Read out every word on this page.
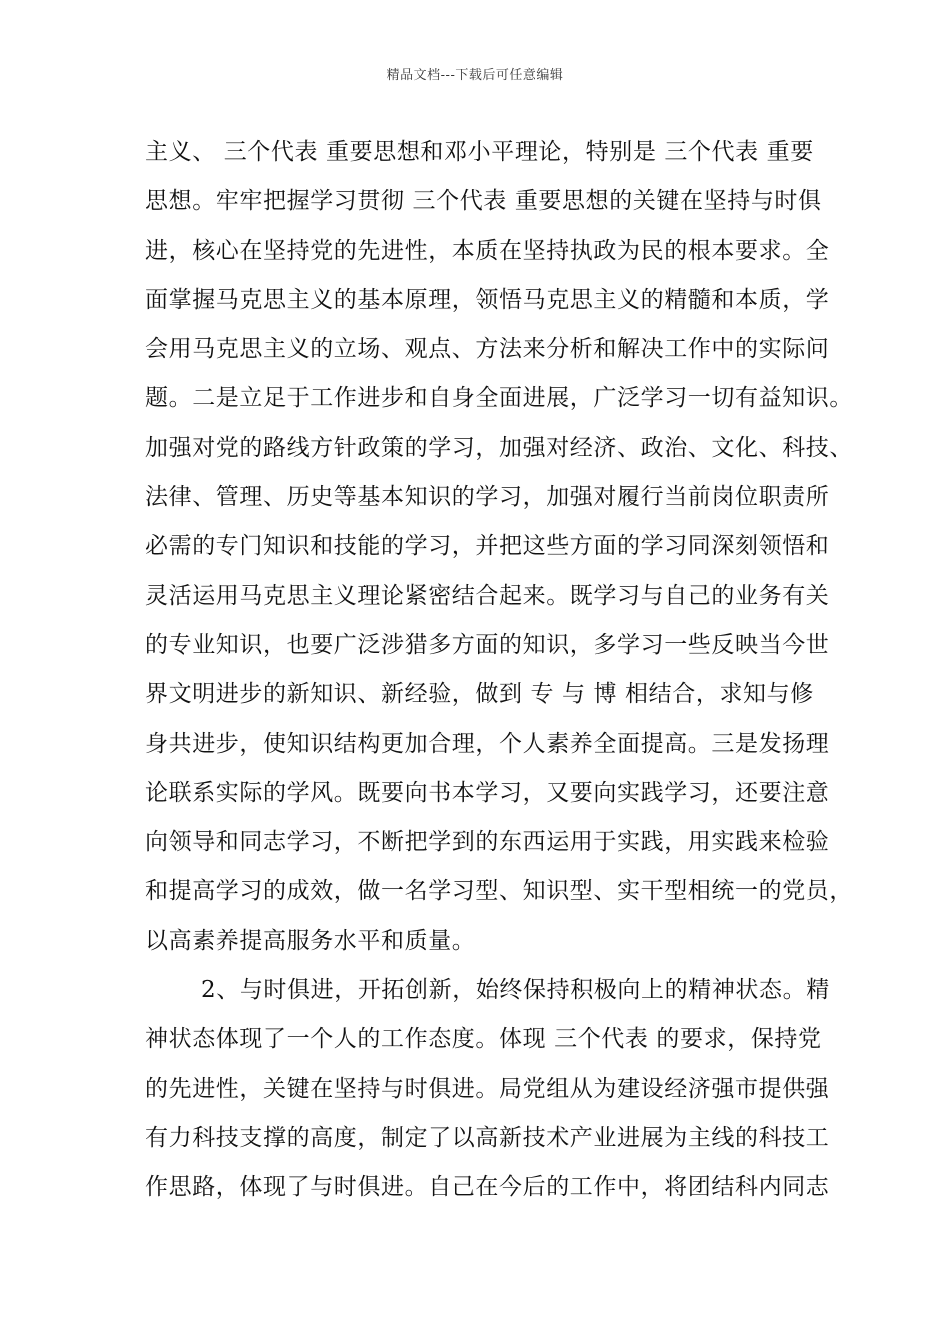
精品文档---下载后可任意编辑
主义、 三个代表 重要思想和邓小平理论，特别是 三个代表 重要
思想。牢牢把握学习贯彻 三个代表 重要思想的关键在坚持与时俱
进，核心在坚持党的先进性，本质在坚持执政为民的根本要求。全
面掌握马克思主义的基本原理，领悟马克思主义的精髓和本质，学
会用马克思主义的立场、观点、方法来分析和解决工作中的实际问
题。二是立足于工作进步和自身全面进展，广泛学习一切有益知识。
加强对党的路线方针政策的学习，加强对经济、政治、文化、科技、
法律、管理、历史等基本知识的学习，加强对履行当前岗位职责所
必需的专门知识和技能的学习，并把这些方面的学习同深刻领悟和
灵活运用马克思主义理论紧密结合起来。既学习与自己的业务有关
的专业知识，也要广泛涉猎多方面的知识，多学习一些反映当今世
界文明进步的新知识、新经验，做到 专 与 博 相结合，求知与修
身共进步，使知识结构更加合理，个人素养全面提高。三是发扬理
论联系实际的学风。既要向书本学习，又要向实践学习，还要注意
向领导和同志学习，不断把学到的东西运用于实践，用实践来检验
和提高学习的成效，做一名学习型、知识型、实干型相统一的党员，
以高素养提高服务水平和质量。
2、与时俱进，开拓创新，始终保持积极向上的精神状态。精
神状态体现了一个人的工作态度。体现 三个代表 的要求，保持党
的先进性，关键在坚持与时俱进。局党组从为建设经济强市提供强
有力科技支撑的高度，制定了以高新技术产业进展为主线的科技工
作思路，体现了与时俱进。自己在今后的工作中，将团结科内同志
